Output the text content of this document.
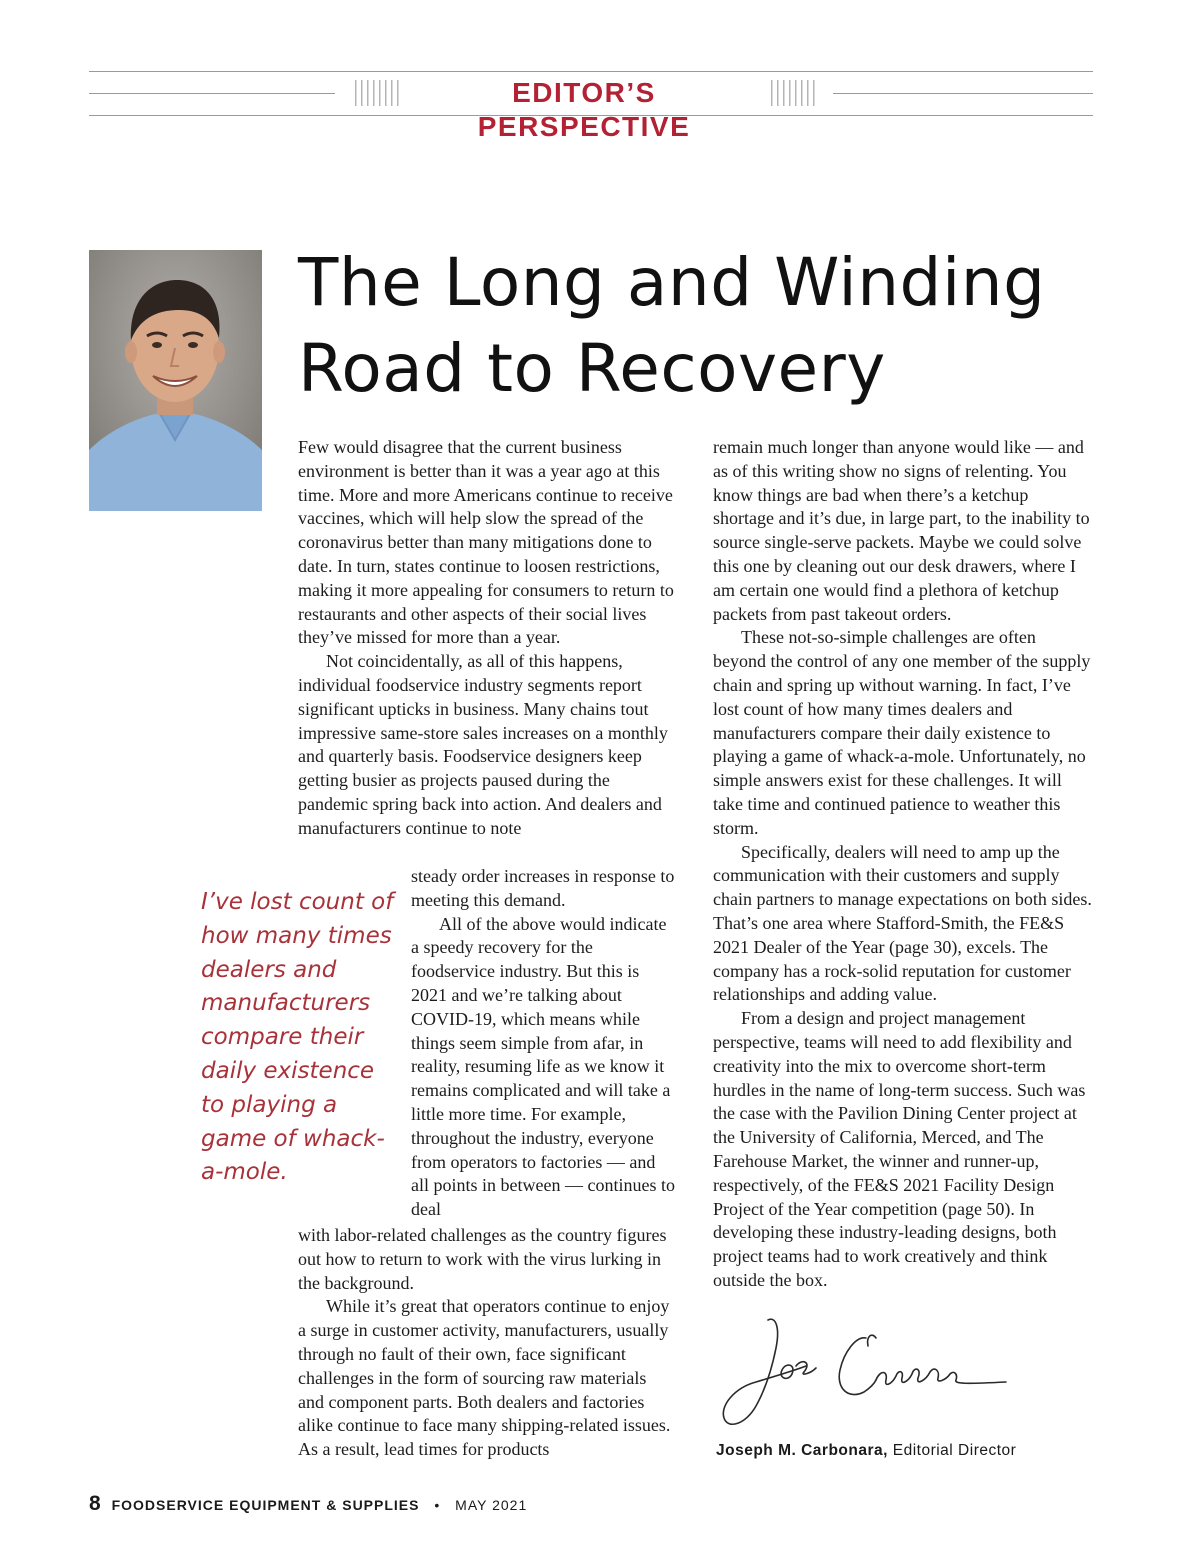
EDITOR’S PERSPECTIVE
The Long and Winding
Road to Recovery

Few would disagree that the current business environment is better than it was a year ago at this time. More and more Americans continue to receive vaccines, which will help slow the spread of the coronavirus better than many mitigations done to date. In turn, states continue to loosen restrictions, making it more appealing for consumers to return to restaurants and other aspects of their social lives they’ve missed for more than a year.

Not coincidentally, as all of this happens, individual foodservice industry segments report significant upticks in business. Many chains tout impressive same-store sales increases on a monthly and quarterly basis. Foodservice designers keep getting busier as projects paused during the pandemic spring back into action. And dealers and manufacturers continue to note

steady order increases in response to meeting this demand.

All of the above would indicate a speedy recovery for the foodservice industry. But this is 2021 and we’re talking about COVID-19, which means while things seem simple from afar, in reality, resuming life as we know it remains complicated and will take a little more time. For example, throughout the industry, everyone from operators to factories — and all points in between — continues to deal

with labor-related challenges as the country figures out how to return to work with the virus lurking in the background.

While it’s great that operators continue to enjoy a surge in customer activity, manufacturers, usually through no fault of their own, face significant challenges in the form of sourcing raw materials and component parts. Both dealers and factories alike continue to face many shipping-related issues. As a result, lead times for products

I’ve lost count of how many times dealers and manufacturers compare their daily existence to playing a game of whack-a-mole.

remain much longer than anyone would like — and as of this writing show no signs of relenting. You know things are bad when there’s a ketchup shortage and it’s due, in large part, to the inability to source single-serve packets. Maybe we could solve this one by cleaning out our desk drawers, where I am certain one would find a plethora of ketchup packets from past takeout orders.

These not-so-simple challenges are often beyond the control of any one member of the supply chain and spring up without warning. In fact, I’ve lost count of how many times dealers and manufacturers compare their daily existence to playing a game of whack-a-mole. Unfortunately, no simple answers exist for these challenges. It will take time and continued patience to weather this storm.

Specifically, dealers will need to amp up the communication with their customers and supply chain partners to manage expectations on both sides. That’s one area where Stafford-Smith, the FE&S 2021 Dealer of the Year (page 30), excels. The company has a rock-solid reputation for customer relationships and adding value.

From a design and project management perspective, teams will need to add flexibility and creativity into the mix to overcome short-term hurdles in the name of long-term success. Such was the case with the Pavilion Dining Center project at the University of California, Merced, and The Farehouse Market, the winner and runner-up, respectively, of the FE&S 2021 Facility Design Project of the Year competition (page 50). In developing these industry-leading designs, both project teams had to work creatively and think outside the box.

Joseph M. Carbonara, Editorial Director
8 FOODSERVICE EQUIPMENT & SUPPLIES • MAY 2021
